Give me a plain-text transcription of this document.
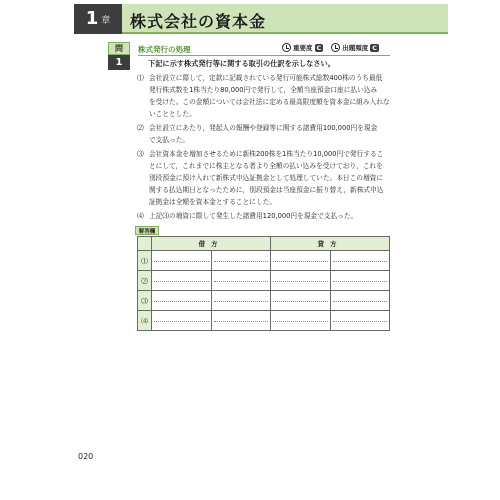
1 章 株式会社の資本金
問
1
株式発行の処理	重要度 C	出題頻度 C
下記に示す株式発行等に関する取引の仕訳を示しなさい。
⑴ 会社設立に際して，定款に記載されている発行可能株式総数400株のうち最低
発行株式数を1株当たり80,000円で発行して，全額当座預金口座に払い込み
を受けた。この金額については会社法に定める最高限度額を資本金に組み入れな
いこととした。
⑵ 会社設立にあたり，発起人の報酬や登録等に関する諸費用100,000円を現金
で支払った。
⑶ 会社資本金を増加させるために新株200株を1株当たり10,000円で発行するこ
とにして，これまでに株主となる者より全額の払い込みを受けており，これを
別段預金に預け入れて新株式申込証拠金として処理していた。本日この増資に
関する払込期日となったために，別段預金は当座預金に振り替え，新株式申込
証拠金は全額を資本金とすることにした。
⑷ 上記⑶の増資に際して発生した諸費用120,000円を現金で支払った。
解答欄
	借方		貸方	
⑴	

⑵	

⑶	

⑷	

020
